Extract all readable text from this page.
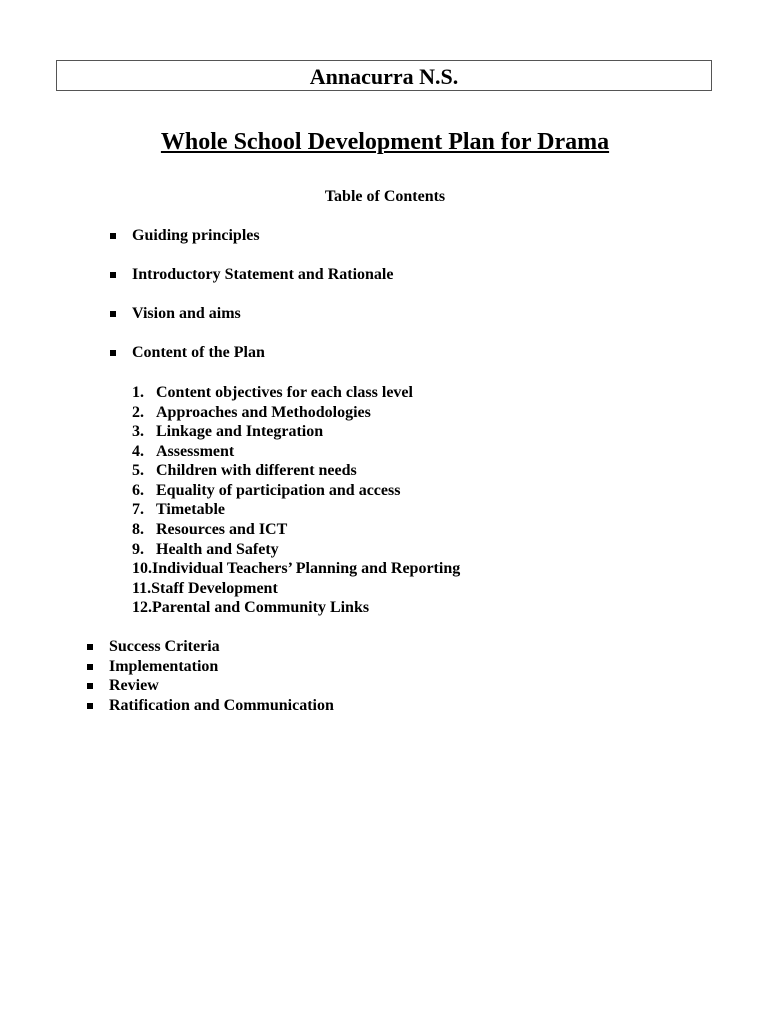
Annacurra N.S.
Whole School Development Plan for Drama
Table of Contents
Guiding principles
Introductory Statement and Rationale
Vision and aims
Content of the Plan
1. Content objectives for each class level
2. Approaches and Methodologies
3. Linkage and Integration
4. Assessment
5. Children with different needs
6. Equality of participation and access
7. Timetable
8. Resources and ICT
9. Health and Safety
10.Individual Teachers’ Planning and Reporting
11.Staff Development
12.Parental and Community Links
Success Criteria
Implementation
Review
Ratification and Communication
